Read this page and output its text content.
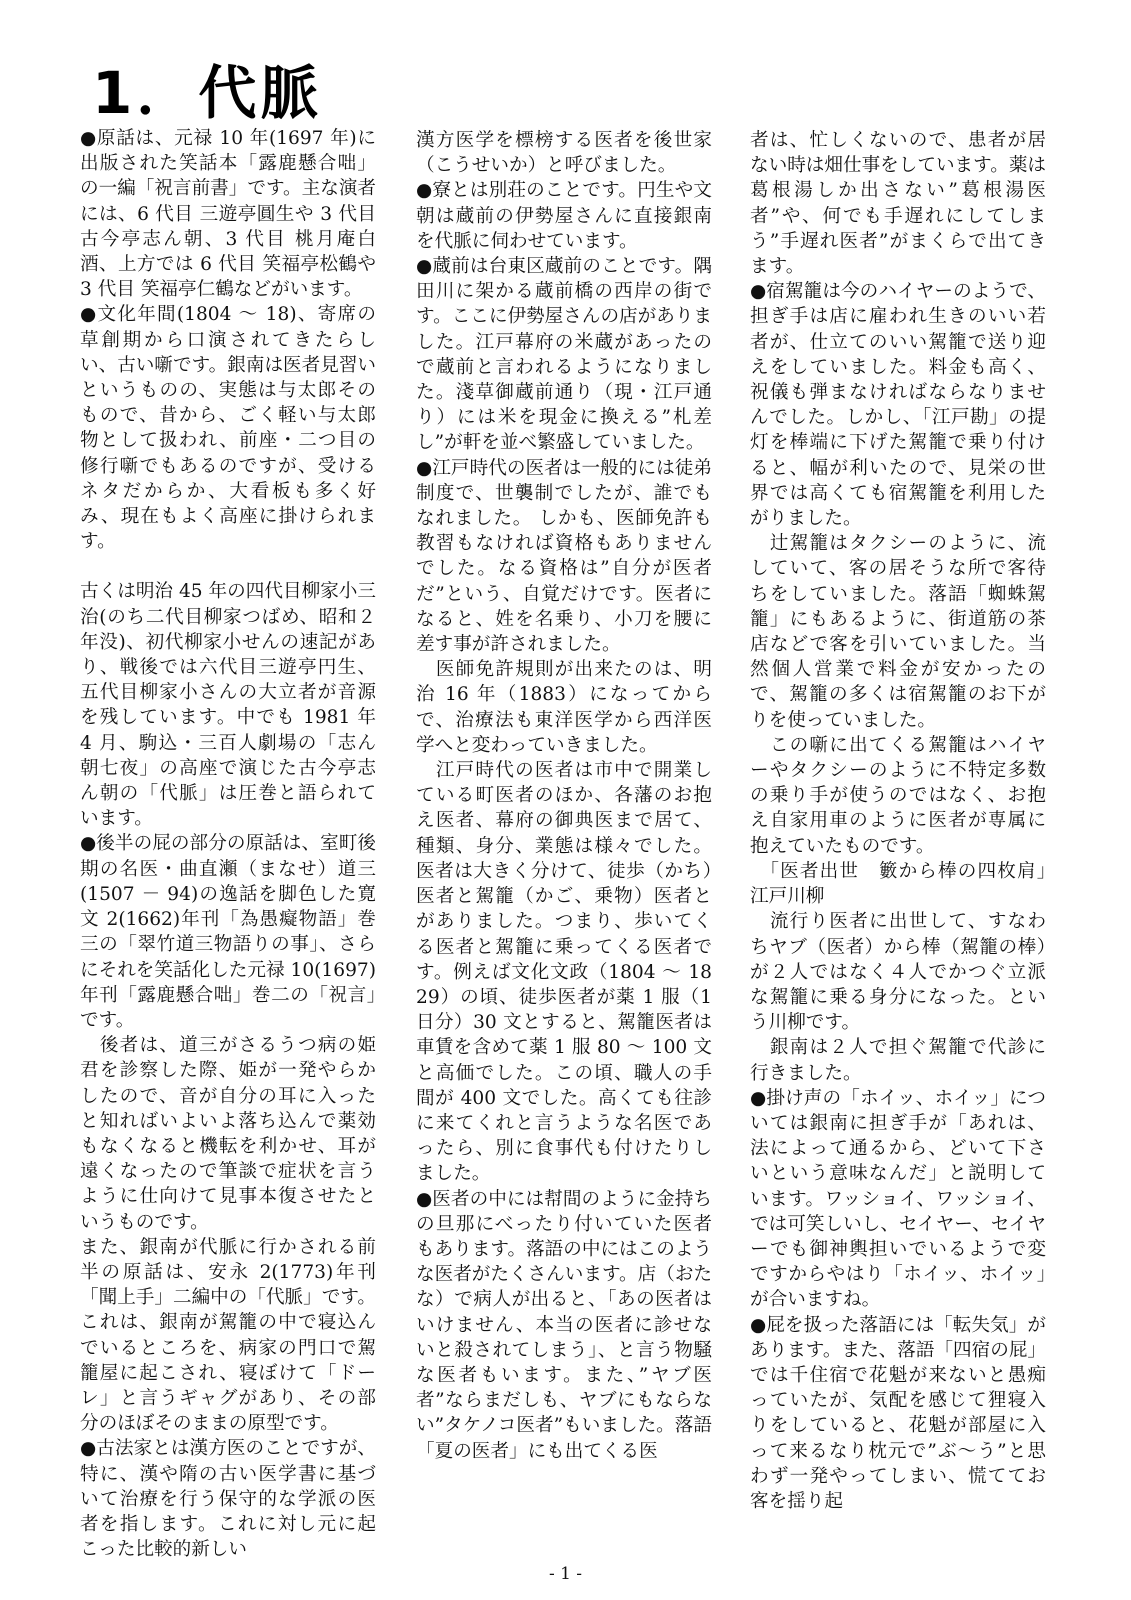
1．代脈

●原話は、元禄 10 年(1697 年)に出版された笑話本「露鹿懸合咄」の一編「祝言前書」です。主な演者には、6 代目 三遊亭圓生や 3 代目 古今亭志ん朝、3 代目 桃月庵白酒、上方では 6 代目 笑福亭松鶴や 3 代目 笑福亭仁鶴などがいます。

●文化年間(1804 ～ 18)、寄席の草創期から口演されてきたらしい、古い噺です。銀南は医者見習いというものの、実態は与太郎そのもので、昔から、ごく軽い与太郎物として扱われ、前座・二つ目の修行噺でもあるのですが、受けるネタだからか、大看板も多く好み、現在もよく高座に掛けられます。

古くは明治 45 年の四代目柳家小三治(のち二代目柳家つばめ、昭和２年没)、初代柳家小せんの速記があり、戦後では六代目三遊亭円生、五代目柳家小さんの大立者が音源を残しています。中でも 1981 年 4 月、駒込・三百人劇場の「志ん朝七夜」の高座で演じた古今亭志ん朝の「代脈」は圧巻と語られています。

●後半の屁の部分の原話は、室町後期の名医・曲直瀬（まなせ）道三(1507 － 94)の逸話を脚色した寛文 2(1662)年刊「為愚癡物語」巻三の「翠竹道三物語りの事」、さらにそれを笑話化した元禄 10(1697)年刊「露鹿懸合咄」巻二の「祝言」です。

　後者は、道三がさるうつ病の姫君を診察した際、姫が一発やらかしたので、音が自分の耳に入ったと知ればいよいよ落ち込んで薬効もなくなると機転を利かせ、耳が遠くなったので筆談で症状を言うように仕向けて見事本復させたというものです。

また、銀南が代脈に行かされる前半の原話は、安永 2(1773)年刊「聞上手」二編中の「代脈」です。これは、銀南が駕籠の中で寝込んでいるところを、病家の門口で駕籠屋に起こされ、寝ぼけて「ドーレ」と言うギャグがあり、その部分のほぼそのままの原型です。

●古法家とは漢方医のことですが、特に、漢や隋の古い医学書に基づいて治療を行う保守的な学派の医者を指します。これに対し元に起こった比較的新しい

漢方医学を標榜する医者を後世家（こうせいか）と呼びました。

●寮とは別荘のことです。円生や文朝は蔵前の伊勢屋さんに直接銀南を代脈に伺わせています。

●蔵前は台東区蔵前のことです。隅田川に架かる蔵前橋の西岸の街です。ここに伊勢屋さんの店がありました。江戸幕府の米蔵があったので蔵前と言われるようになりました。淺草御蔵前通り（現・江戸通り）には米を現金に換える”札差し”が軒を並べ繁盛していました。

●江戸時代の医者は一般的には徒弟制度で、世襲制でしたが、誰でもなれました。 しかも、医師免許も教習もなければ資格もありませんでした。なる資格は”自分が医者だ”という、自覚だけです。医者になると、姓を名乗り、小刀を腰に差す事が許されました。

　医師免許規則が出来たのは、明治 16 年（1883）になってからで、治療法も東洋医学から西洋医学へと変わっていきました。

　江戸時代の医者は市中で開業している町医者のほか、各藩のお抱え医者、幕府の御典医まで居て、種類、身分、業態は様々でした。医者は大きく分けて、徒歩（かち）医者と駕籠（かご、乗物）医者とがありました。つまり、歩いてくる医者と駕籠に乗ってくる医者です。例えば文化文政（1804 ～ 1829）の頃、徒歩医者が薬 1 服（1 日分）30 文とすると、駕籠医者は車賃を含めて薬 1 服 80 ～ 100 文と高価でした。この頃、職人の手間が 400 文でした。高くても往診に来てくれと言うような名医であったら、別に食事代も付けたりしました。

●医者の中には幇間のように金持ちの旦那にべったり付いていた医者もあります。落語の中にはこのような医者がたくさんいます。店（おたな）で病人が出ると、「あの医者はいけません、本当の医者に診せないと殺されてしまう」、と言う物騒な医者もいます。また、”ヤブ医者”ならまだしも、ヤブにもならない”タケノコ医者”もいました。落語「夏の医者」にも出てくる医

者は、忙しくないので、患者が居ない時は畑仕事をしています。薬は葛根湯しか出さない”葛根湯医者”や、何でも手遅れにしてしまう”手遅れ医者”がまくらで出てきます。

●宿駕籠は今のハイヤーのようで、担ぎ手は店に雇われ生きのいい若者が、仕立てのいい駕籠で送り迎えをしていました。料金も高く、祝儀も弾まなければならなりませんでした。しかし、「江戸勘」の提灯を棒端に下げた駕籠で乗り付けると、幅が利いたので、見栄の世界では高くても宿駕籠を利用したがりました。

　辻駕籠はタクシーのように、流していて、客の居そうな所で客待ちをしていました。落語「蜘蛛駕籠」にもあるように、街道筋の茶店などで客を引いていました。当然個人営業で料金が安かったので、駕籠の多くは宿駕籠のお下がりを使っていました。

　この噺に出てくる駕籠はハイヤーやタクシーのように不特定多数の乗り手が使うのではなく、お抱え自家用車のように医者が専属に抱えていたものです。

　「医者出世　籔から棒の四枚肩」　江戸川柳

　流行り医者に出世して、すなわちヤブ（医者）から棒（駕籠の棒）が２人ではなく４人でかつぐ立派な駕籠に乗る身分になった。という川柳です。

　銀南は２人で担ぐ駕籠で代診に行きました。

●掛け声の「ホイッ、ホイッ」については銀南に担ぎ手が「あれは、法によって通るから、どいて下さいという意味なんだ」と説明しています。ワッショイ、ワッショイ、では可笑しいし、セイヤー、セイヤーでも御神輿担いでいるようで変ですからやはり「ホイッ、ホイッ」が合いますね。

●屁を扱った落語には「転失気」があります。また、落語「四宿の屁」では千住宿で花魁が来ないと愚痴っていたが、気配を感じて狸寝入りをしていると、花魁が部屋に入って来るなり枕元で”ぶ～う”と思わず一発やってしまい、慌ててお客を揺り起

- 1 -
